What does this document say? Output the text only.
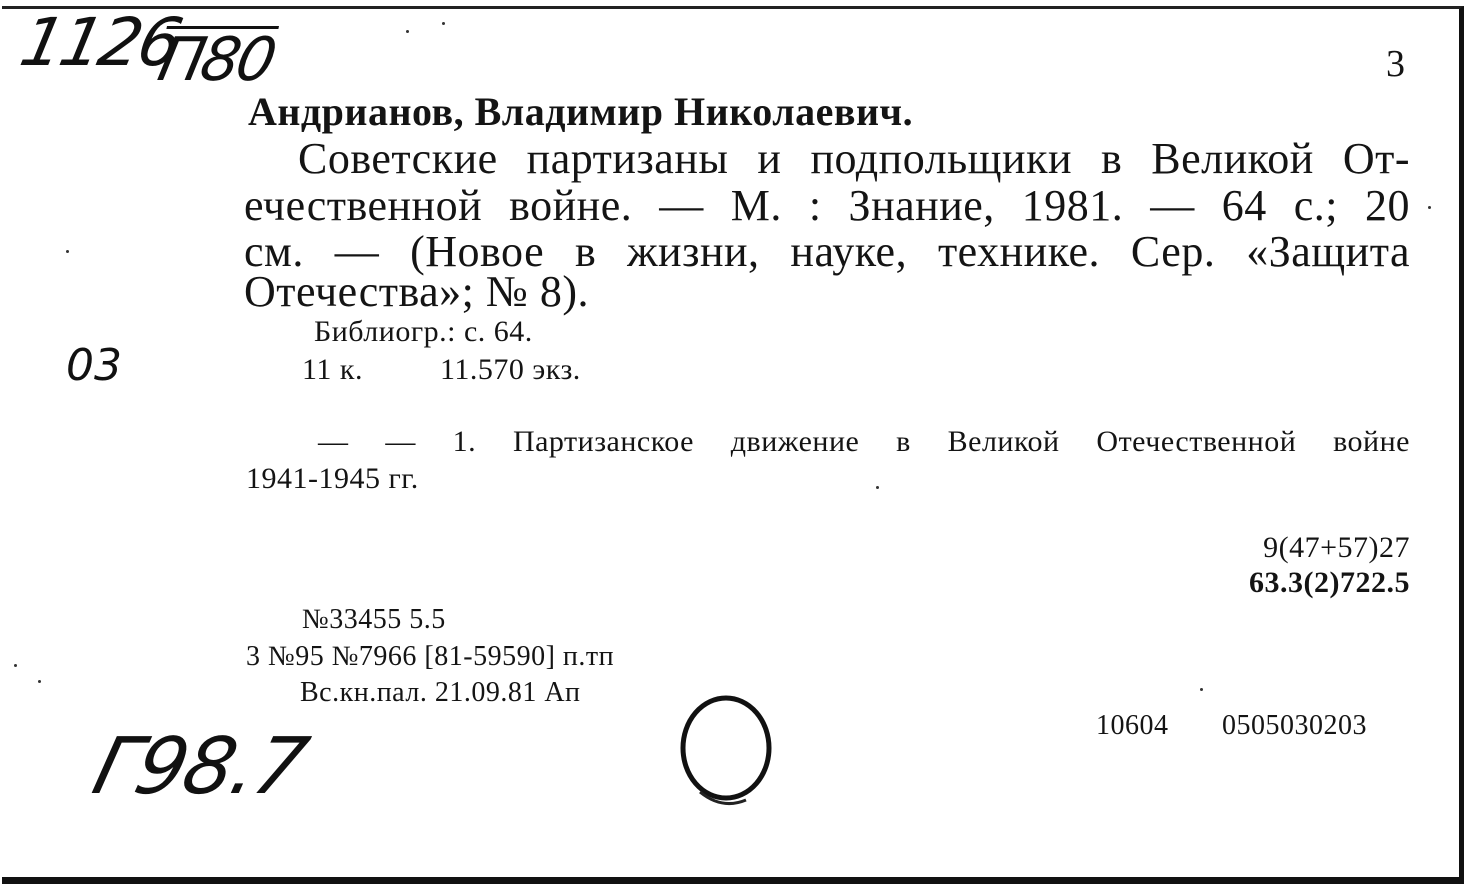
1126
П80
03
Г98.7
3
Андрианов, Владимир Николаевич.
Советские партизаны и подпольщики в Великой От-
ечественной войне. — М. : Знание, 1981. — 64 с.; 20
см. — (Новое в жизни, науке, технике. Сер. «Защита
Отечества»; № 8).
Библиогр.: с. 64.
11 к.	11.570 экз.
— — 1. Партизанское движение в Великой Отечественной войне
1941-1945 гг.
9(47+57)27
63.3(2)722.5
№33455 5.5
3 №95 №7966 [81-59590] п.тп
Вс.кн.пал. 21.09.81 Ап
10604 0505030203
